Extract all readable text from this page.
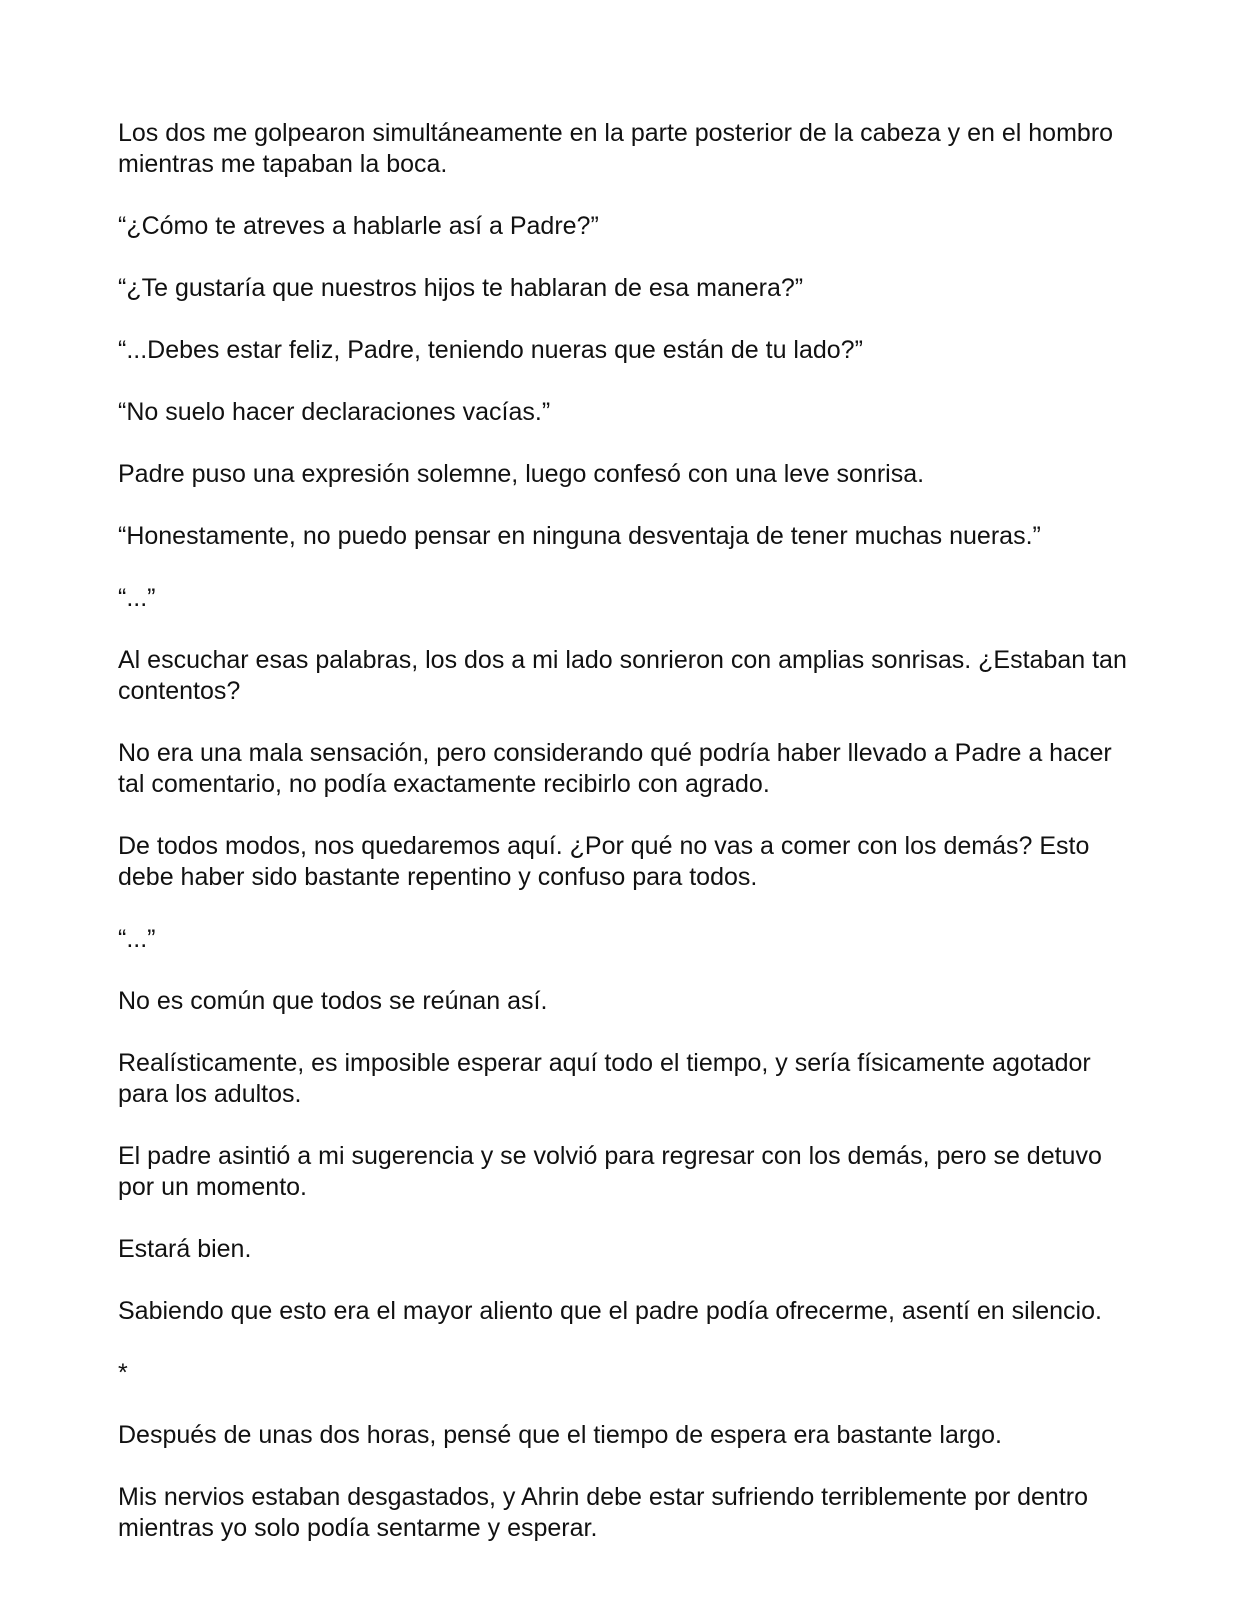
Los dos me golpearon simultáneamente en la parte posterior de la cabeza y en el hombro mientras me tapaban la boca.

“¿Cómo te atreves a hablarle así a Padre?”

“¿Te gustaría que nuestros hijos te hablaran de esa manera?”

“...Debes estar feliz, Padre, teniendo nueras que están de tu lado?”

“No suelo hacer declaraciones vacías.”

Padre puso una expresión solemne, luego confesó con una leve sonrisa.

“Honestamente, no puedo pensar en ninguna desventaja de tener muchas nueras.”

“...”

Al escuchar esas palabras, los dos a mi lado sonrieron con amplias sonrisas. ¿Estaban tan contentos?

No era una mala sensación, pero considerando qué podría haber llevado a Padre a hacer tal comentario, no podía exactamente recibirlo con agrado.

De todos modos, nos quedaremos aquí. ¿Por qué no vas a comer con los demás? Esto debe haber sido bastante repentino y confuso para todos.

“...”

No es común que todos se reúnan así.

Realísticamente, es imposible esperar aquí todo el tiempo, y sería físicamente agotador para los adultos.

El padre asintió a mi sugerencia y se volvió para regresar con los demás, pero se detuvo por un momento.

Estará bien.

Sabiendo que esto era el mayor aliento que el padre podía ofrecerme, asentí en silencio.

*

Después de unas dos horas, pensé que el tiempo de espera era bastante largo.

Mis nervios estaban desgastados, y Ahrin debe estar sufriendo terriblemente por dentro mientras yo solo podía sentarme y esperar.
